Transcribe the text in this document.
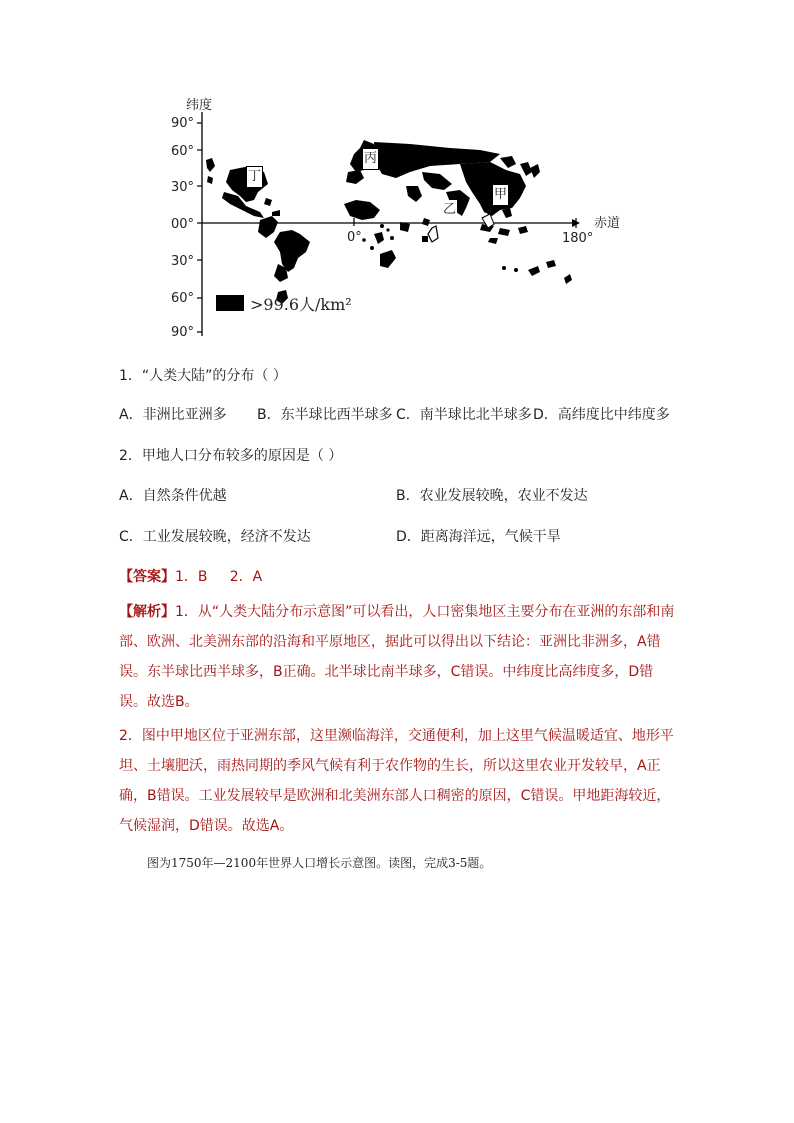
纬度
90°
60°
30°
00°
30°
60°
90°
0°	180°
赤道
丁
丙
乙
甲
>99.6人/km²
1．“人类大陆”的分布（ ）
A．非洲比亚洲多 B．东半球比西半球多 C．南半球比北半球多 D．高纬度比中纬度多
2．甲地人口分布较多的原因是（ ）
A．自然条件优越	B．农业发展较晚，农业不发达
C．工业发展较晚，经济不发达	D．距离海洋远，气候干旱
【答案】1．B     2．A
【解析】1．从“人类大陆分布示意图”可以看出，人口密集地区主要分布在亚洲的东部和南部、欧洲、北美洲东部的沿海和平原地区，据此可以得出以下结论：亚洲比非洲多，A错误。东半球比西半球多，B正确。北半球比南半球多，C错误。中纬度比高纬度多，D错误。故选B。
2．图中甲地区位于亚洲东部，这里濒临海洋，交通便利，加上这里气候温暖适宜、地形平坦、土壤肥沃，雨热同期的季风气候有利于农作物的生长，所以这里农业开发较早，A正确，B错误。工业发展较早是欧洲和北美洲东部人口稠密的原因，C错误。甲地距海较近，气候湿润，D错误。故选A。
图为1750年—2100年世界人口增长示意图。读图，完成3-5题。
